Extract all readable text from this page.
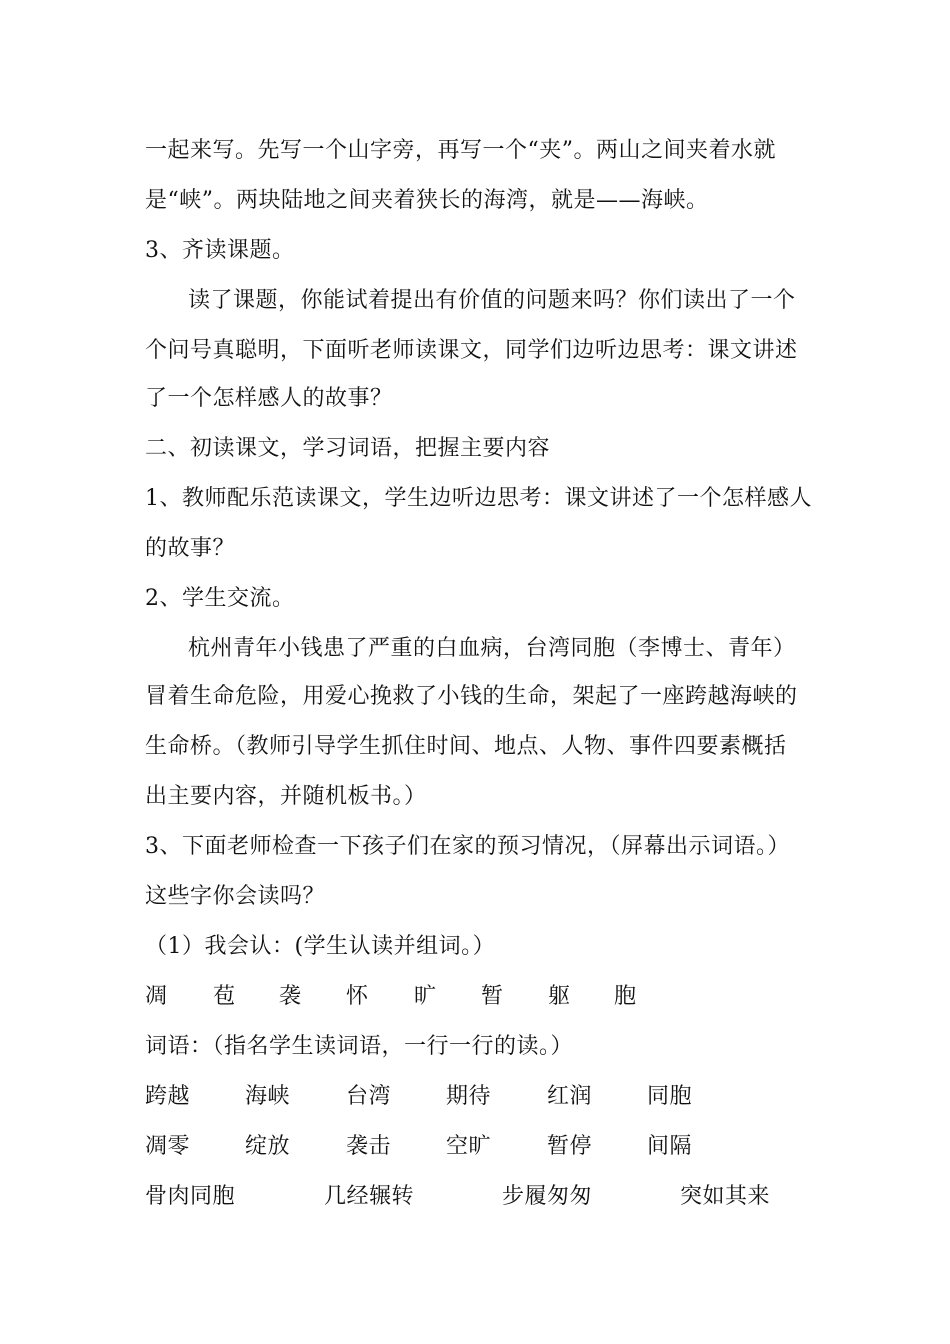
一起来写。先写一个山字旁，再写一个“夹”。两山之间夹着水就
是“峡”。两块陆地之间夹着狭长的海湾，就是——海峡。
3、齐读课题。
读了课题，你能试着提出有价值的问题来吗？你们读出了一个
个问号真聪明，下面听老师读课文，同学们边听边思考：课文讲述
了一个怎样感人的故事？
二、初读课文，学习词语，把握主要内容
1、教师配乐范读课文，学生边听边思考：课文讲述了一个怎样感人
的故事？
2、学生交流。
杭州青年小钱患了严重的白血病，台湾同胞（李博士、青年）
冒着生命危险，用爱心挽救了小钱的生命，架起了一座跨越海峡的
生命桥。（教师引导学生抓住时间、地点、人物、事件四要素概括
出主要内容，并随机板书。）
3、下面老师检查一下孩子们在家的预习情况，（屏幕出示词语。）
这些字你会读吗？
（1）我会认：(学生认读并组词。）
凋 苞 袭 怀 旷 暂 躯 胞
词语：（指名学生读词语，一行一行的读。）
跨越 海峡	台湾 期待	红润 同胞
凋零 绽放	袭击 空旷	暂停 间隔
骨肉同胞	几经辗转	步履匆匆	突如其来
